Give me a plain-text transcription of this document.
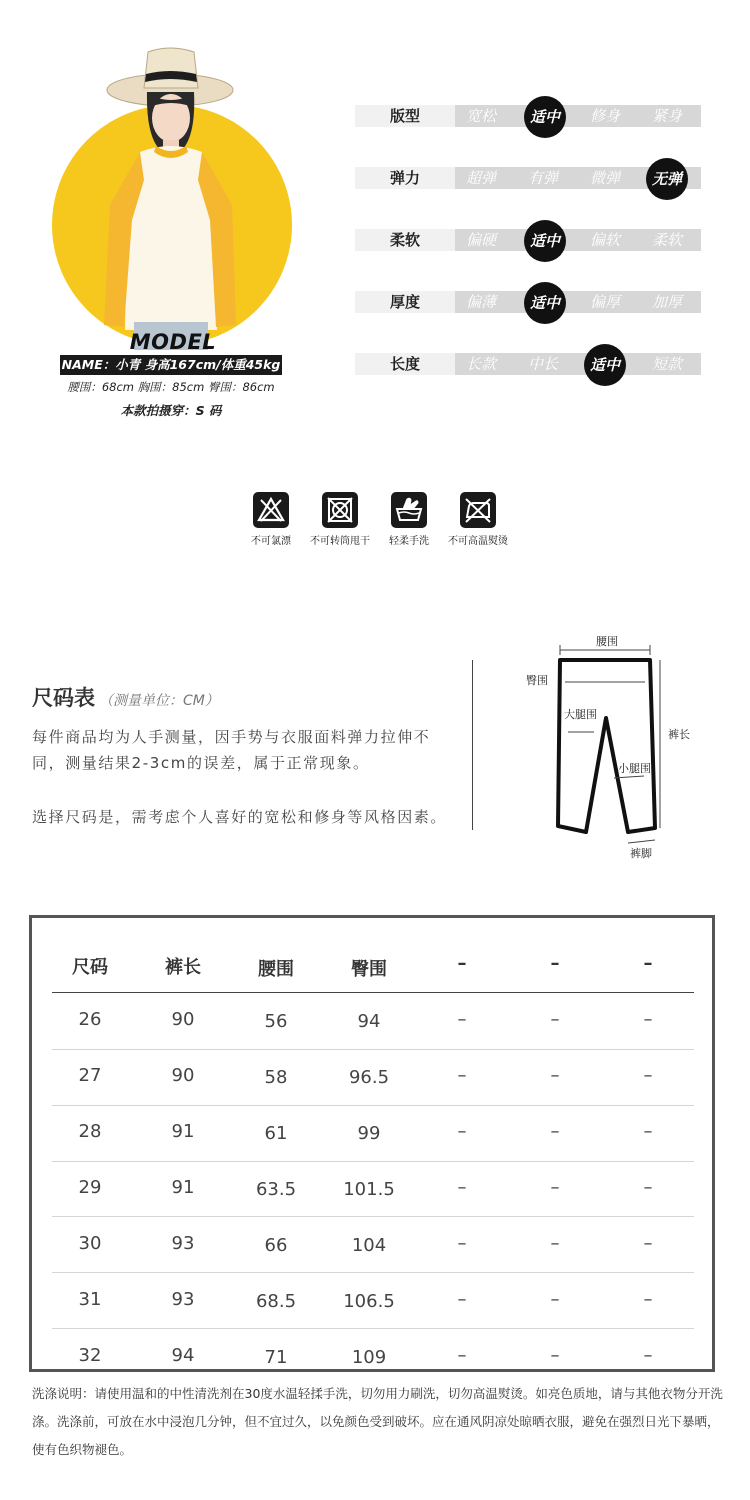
MODEL
NAME：小青 身高167cm/体重45kg
腰围：68cm 胸围：85cm 臀围：86cm
本款拍摄穿：S 码
版型	宽松	适中	修身	紧身
弹力	超弹	有弹	微弹	无弹
柔软	偏硬	适中	偏软	柔软
厚度	偏薄	适中	偏厚	加厚
长度	长款	中长	适中	短款
不可氯漂	不可转筒甩干	轻柔手洗	不可高温熨烫
尺码表 （测量单位：CM）
每件商品均为人手测量，因手势与衣服面料弹力拉伸不同，测量结果2-3cm的误差，属于正常现象。
选择尺码是，需考虑个人喜好的宽松和修身等风格因素。
腰围
臀围
裤长
大腿围
小腿围
裤脚
尺码	裤长	腰围	臀围	–	–	–
26	90	56	94	–	–	–
27	90	58	96.5	–	–	–
28	91	61	99	–	–	–
29	91	63.5	101.5	–	–	–
30	93	66	104	–	–	–
31	93	68.5	106.5	–	–	–
32	94	71	109	–	–	–
洗涤说明：请使用温和的中性清洗剂在30度水温轻揉手洗，切勿用力刷洗，切勿高温熨烫。如亮色质地，请与其他衣物分开洗涤。洗涤前，可放在水中浸泡几分钟，但不宜过久，以免颜色受到破坏。应在通风阴凉处晾晒衣服，避免在强烈日光下暴晒，使有色织物褪色。
